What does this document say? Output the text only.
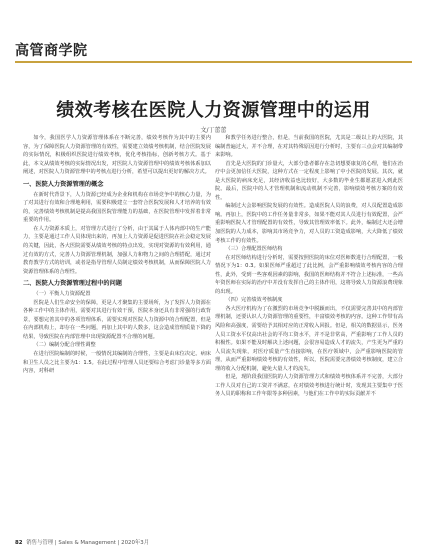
高管商学院
绩效考核在医院人力资源管理中的运用
文/丁蕾蕾

如今，我国医学人力资源管理体系在不断完善，绩效考核作为其中的主要内容，为了保障医院人力资源管理的有效性，需要建立效绩考核机制，结合医院发展的实际情况，积极组织医院进行绩效考核，优化考核指标，创新考核方式。基于此，本文从绩效考核的实际情况出发，对医院人力资源管理中的绩效考核体系加以阐述，对医院人力资源管理中的考核点进行分析，希望可以提出更好的解决方式。

一、医院人力资源管理的概念

在新时代背景下，人力资源已经成为企业和机构在市场竞争中的核心力量，为了对其进行有效和合理地利用，需要积极建立一套符合医院发展和人才培养的有效的，完善绩效考核机制是提高我国医院管理能力的基础，在医院管理中发挥着非常重要的作用。

在人力资源本质上，对管理方式进行了分析，由于其属于人体内部中的生产能力，主要是通过工作人员体现出来的，再加上人力资源是促进医院在社会稳定发展的关键，因此，各大医院需要从绩效考核的特点出发，实现对资源的有效利用，通过有效的方式，完善人力资源管理机制，加强人力和物力之间的合理搭配，通过对教育教学方式的培训，或者是指导管理人员制定绩效考核机制，从而保障医院人力资源管理体系的合理性。

二、医院人力资源管理过程中的问题
（一）平衡人力资源配置

医院是人们生命安全的保障，更是人才聚集的主要场所，为了发挥人力资源在各种工作中的主体作用，需要对其进行有效干预，医院本身还具有非常强的行政背景，要想完善其中的各项管理体系，需要实现对医院人力资源中的合理配置，但是在内部机构上，却存在一些问题，再加上其中的人数多，这会造成管理质量下降的结果，导致医院在内部管理中出现资源配置不合理的问题。

（二）编制分配合理性调整

在进行医院编制的时候，一般情况其编制的合理性，主要是由床位决定。病床和卫生人员之比主要为1：1.5。在此过程中管理人员还要综合考虑门诊量等多方面内容，对科研

和教学任务进行整合，但是，当前我国的医院，尤其是二级以上的大医院，其编制普遍过大，并不合理，在对其特殊原因进行分析时，主要有三点会对其编制带来影响。

首先是大医院的门诊量大，大部分患者都存在急切想要康复的心理，他们在治疗中会更加信任大医院，这种方式在一定程度上影响了中小医院的发展。其次，就是大医院的病床充足，其经济收益也比较好，大多数的毕业生都愿意进入到此医院。最后，医院中的人才管理机制和流动机制不完善，影响绩效考核方案的有效性。

编制过大会影响医院发展的有效性。造成医院人员的浪费，对人员配置造成影响。再加上，医院中的工作任务量非常多，如果不能对其人员进行有效配置，会严重影响医院人才管理配置的有效性，导致其管理效率低下。此外，编制过大还会增加医院的人力成本，影响其市场竞争力，对人员的工资造成影响，大大降低了绩效考核工作的有效性。

（三）合理配置医师结构

在对医师结构进行分析时，需要按照医院的床位对医师数进行合理配置，一般情况下为1：0.3。如果医师严重超过了此比例，会严重影响绩效考核内容的合理性，此外，受到一些客观因素的影响，我国的医师结构并不符合上述标准，一些高年资医师在实际的治疗中并没有发挥自己的主体作用，这将导致人力资源浪费现象的出现。

（四）完善绩效考核制度

各大医疗机构为了在激烈的市场竞争中脱颖而出，不仅需要完善其中的内部管理机制，还要认识人力资源管理的重要性，丰富绩效考核的内容。这种工作带有高风险和高强度，需要给予其相对应的正常收入回报。但是，相关的数据显示，医务人员工资水平仅高出社会的平均工资水平，并不是非常高，严重影响了工作人员的积极性。如果不能及时解决上述问题，会很容易造成人才的流失，产生更为严重的人员流失现象，对医疗质量产生直接影响，在医疗领域中，会严重影响医院的管理，从而严重影响绩效考核的有效性，所以，医院需要完善绩效考核制度，建立合理的收入分配机制，避免大量人才的流失。

但是，现阶段我国医院的人力资源管理方式和绩效考核体系并不完善，大部分工作人员对自己的工资并不满意，在对绩效考核进行统计时，发现其主要集中于医务人员的职称和工作年限等多种因素，与他们在工作中的实际贡献并不

82 销售与管理 | Sales & Management | 2020年3月
